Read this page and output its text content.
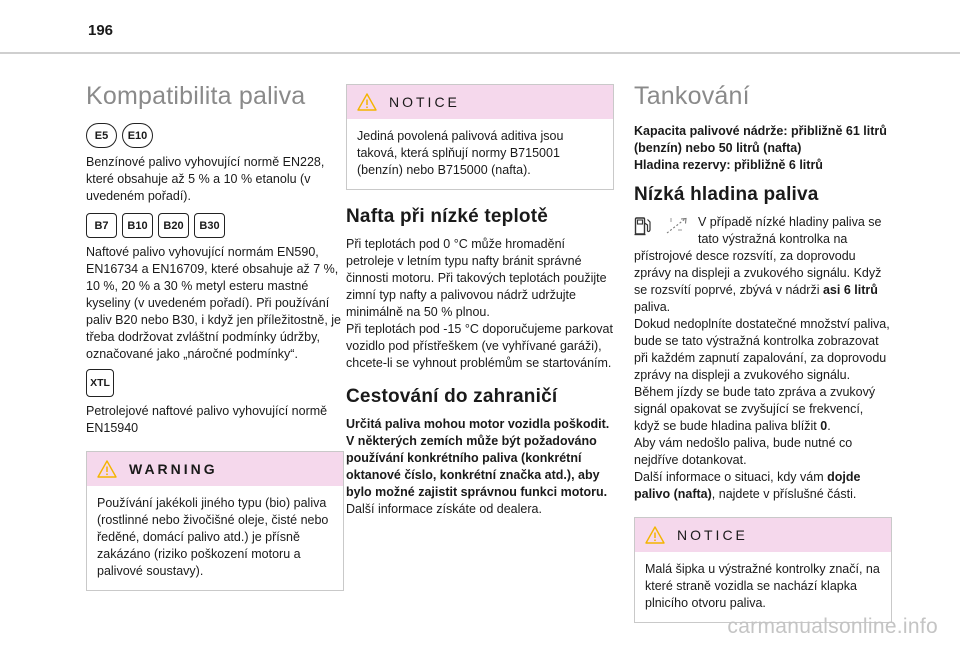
196
Kompatibilita paliva
E5	E10
Benzínové palivo vyhovující normě EN228, které obsahuje až 5 % a 10 % etanolu (v uvedeném pořadí).
B7	B10	B20	B30
Naftové palivo vyhovující normám EN590, EN16734 a EN16709, které obsahuje až 7 %, 10 %, 20 % a 30 % metyl esteru mastné kyseliny (v uvedeném pořadí). Při používání paliv B20 nebo B30, i když jen příležitostně, je třeba dodržovat zvláštní podmínky údržby, označované jako „náročné podmínky“.
XTL
Petrolejové naftové palivo vyhovující normě EN15940
WARNING
Používání jakékoli jiného typu (bio) paliva (rostlinné nebo živočišné oleje, čisté nebo ředěné, domácí palivo atd.) je přísně zakázáno (riziko poškození motoru a palivové soustavy).
NOTICE
Jediná povolená palivová aditiva jsou taková, která splňují normy B715001 (benzín) nebo B715000 (nafta).
Nafta při nízké teplotě
Při teplotách pod 0 °C může hromadění petroleje v letním typu nafty bránit správné činnosti motoru. Při takových teplotách použijte zimní typ nafty a palivovou nádrž udržujte minimálně na 50 % plnou.
Při teplotách pod -15 °C doporučujeme parkovat vozidlo pod přístřeškem (ve vyhřívané garáži), chcete-li se vyhnout problémům se startováním.
Cestování do zahraničí
Určitá paliva mohou motor vozidla poškodit. V některých zemích může být požadováno používání konkrétního paliva (konkrétní oktanové číslo, konkrétní značka atd.), aby bylo možné zajistit správnou funkci motoru.
Další informace získáte od dealera.
Tankování
Kapacita palivové nádrže: přibližně 61 litrů (benzín) nebo 50 litrů (nafta)
Hladina rezervy: přibližně 6 litrů
Nízká hladina paliva
V případě nízké hladiny paliva se tato výstražná kontrolka na přístrojové desce rozsvítí, za doprovodu zprávy na displeji a zvukového signálu. Když se rozsvítí poprvé, zbývá v nádrži asi 6 litrů paliva.
Dokud nedoplníte dostatečné množství paliva, bude se tato výstražná kontrolka zobrazovat při každém zapnutí zapalování, za doprovodu zprávy na displeji a zvukového signálu. Během jízdy se bude tato zpráva a zvukový signál opakovat se zvyšující se frekvencí, když se bude hladina paliva blížit 0.
Aby vám nedošlo paliva, bude nutné co nejdříve dotankovat.
Další informace o situaci, kdy vám dojde palivo (nafta), najdete v příslušné části.
NOTICE
Malá šipka u výstražné kontrolky značí, na které straně vozidla se nachází klapka plnicího otvoru paliva.
carmanualsonline.info
